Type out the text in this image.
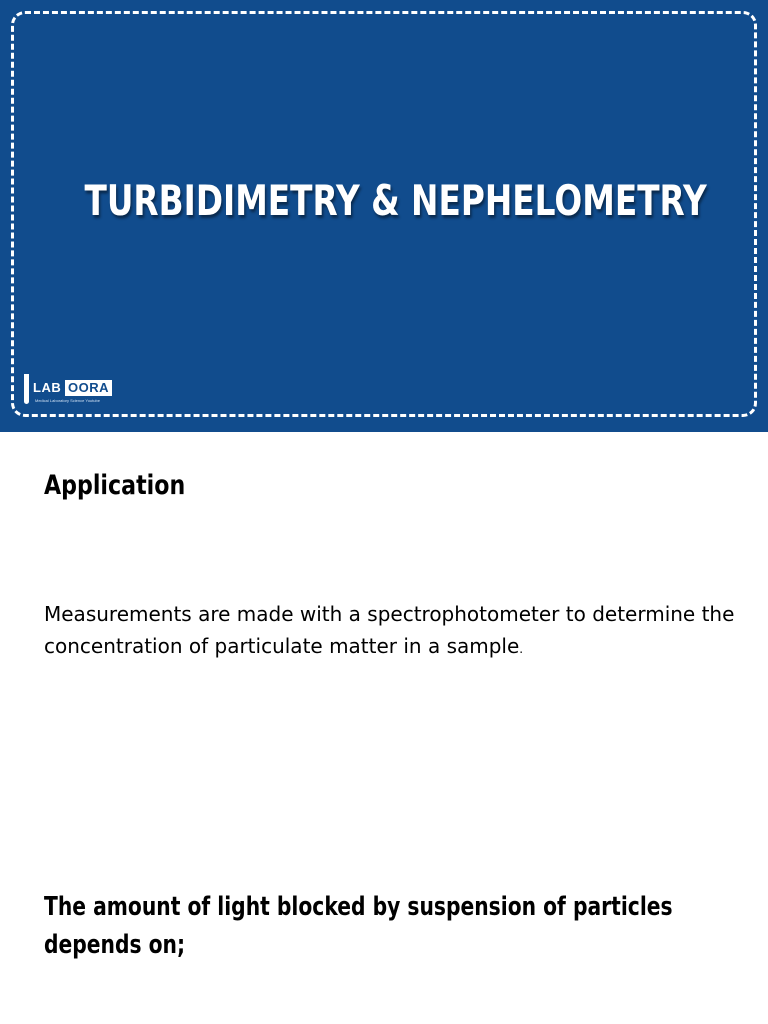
TURBIDIMETRY & NEPHELOMETRY
LAB OORA
Medical Laboratory Science Youtube
Application

Measurements are made with a spectrophotometer to determine the concentration of particulate matter in a sample.

The amount of light blocked by suspension of particles depends on;
